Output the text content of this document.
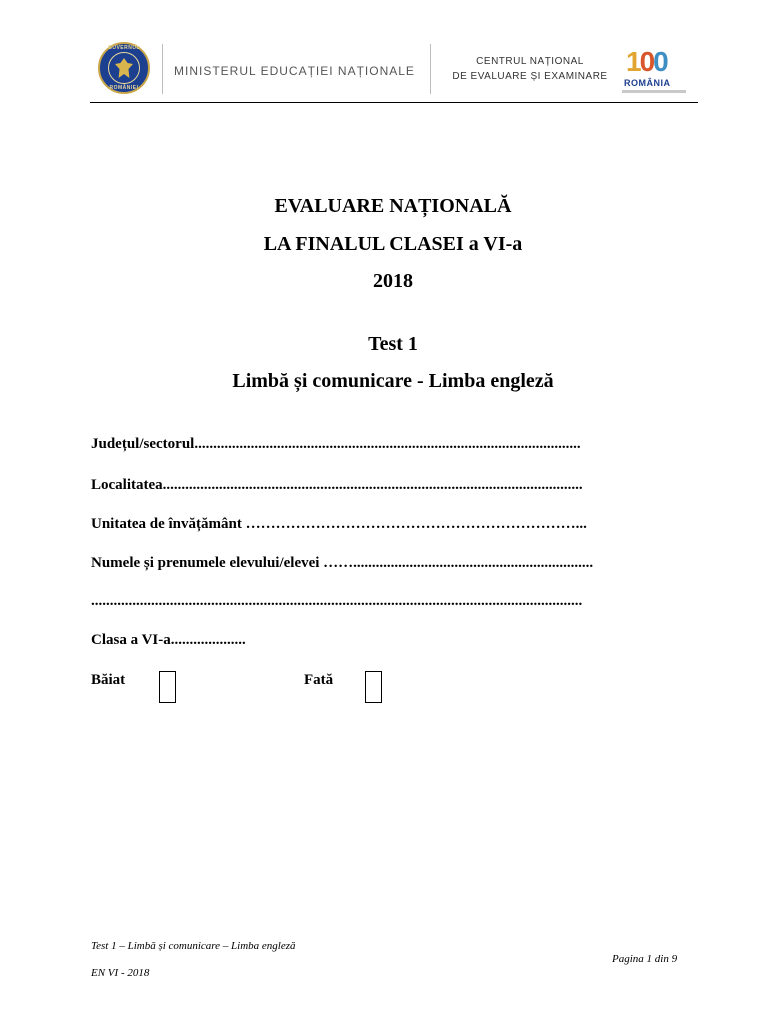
GUVERNUL
ROMÂNIEI
MINISTERUL EDUCAȚIEI NAȚIONALE
CENTRUL NAȚIONAL
DE EVALUARE ȘI EXAMINARE 100
ROMÂNIA
EVALUARE NAȚIONALĂ
LA FINALUL CLASEI a VI-a
2018
Test 1
Limbă și comunicare - Limba engleză
Județul/sectorul.......................................................................................................
Localitatea................................................................................................................
Unitatea de învățământ …………………………………………………………...
Numele și prenumele elevului/elevei ……................................................................
...................................................................................................................................
Clasa a VI-a....................
Băiat	Fată
Test 1 – Limbă și comunicare – Limba engleză
EN VI - 2018
Pagina 1 din 9
